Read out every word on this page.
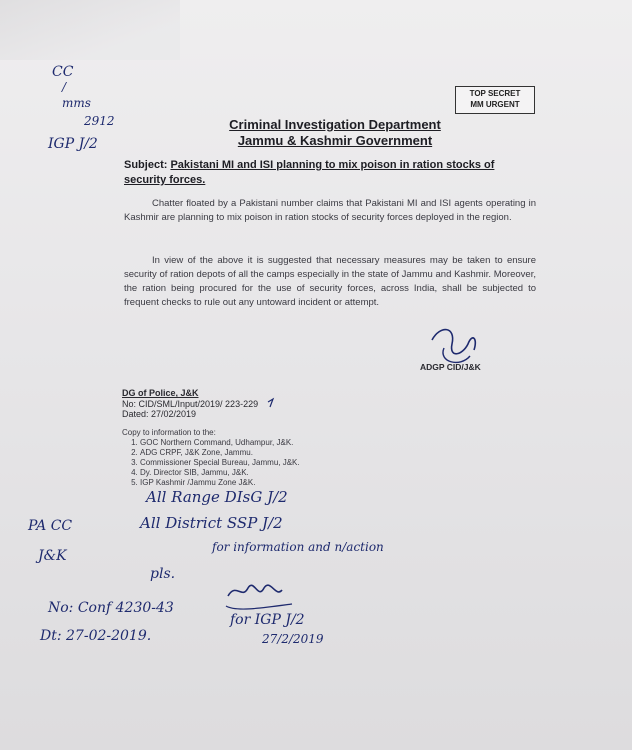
TOP SECRET
MM URGENT
Criminal Investigation Department
Jammu & Kashmir Government
Subject: Pakistani MI and ISI planning to mix poison in ration stocks of security forces.
Chatter floated by a Pakistani number claims that Pakistani MI and ISI agents operating in Kashmir are planning to mix poison in ration stocks of security forces deployed in the region.
In view of the above it is suggested that necessary measures may be taken to ensure security of ration depots of all the camps especially in the state of Jammu and Kashmir. Moreover, the ration being procured for the use of security forces, across India, shall be subjected to frequent checks to rule out any untoward incident or attempt.
ADGP CID/J&K
DG of Police, J&K
No: CID/SML/Input/2019/ 223-229
Dated: 27/02/2019
Copy to information to the:
1. GOC Northern Command, Udhampur, J&K.
2. ADG CRPF, J&K Zone, Jammu.
3. Commissioner Special Bureau, Jammu, J&K.
4. Dy. Director SIB, Jammu, J&K.
5. IGP Kashmir /Jammu Zone J&K.
CC
/
mms
2912
IGP J/2
All Range DIsG J/2
All District SSP J/2
for information and n/action
pls.
PA CC
J&K
No: Conf 4230-43
Dt: 27-02-2019.
for IGP J/2
27/2/2019
